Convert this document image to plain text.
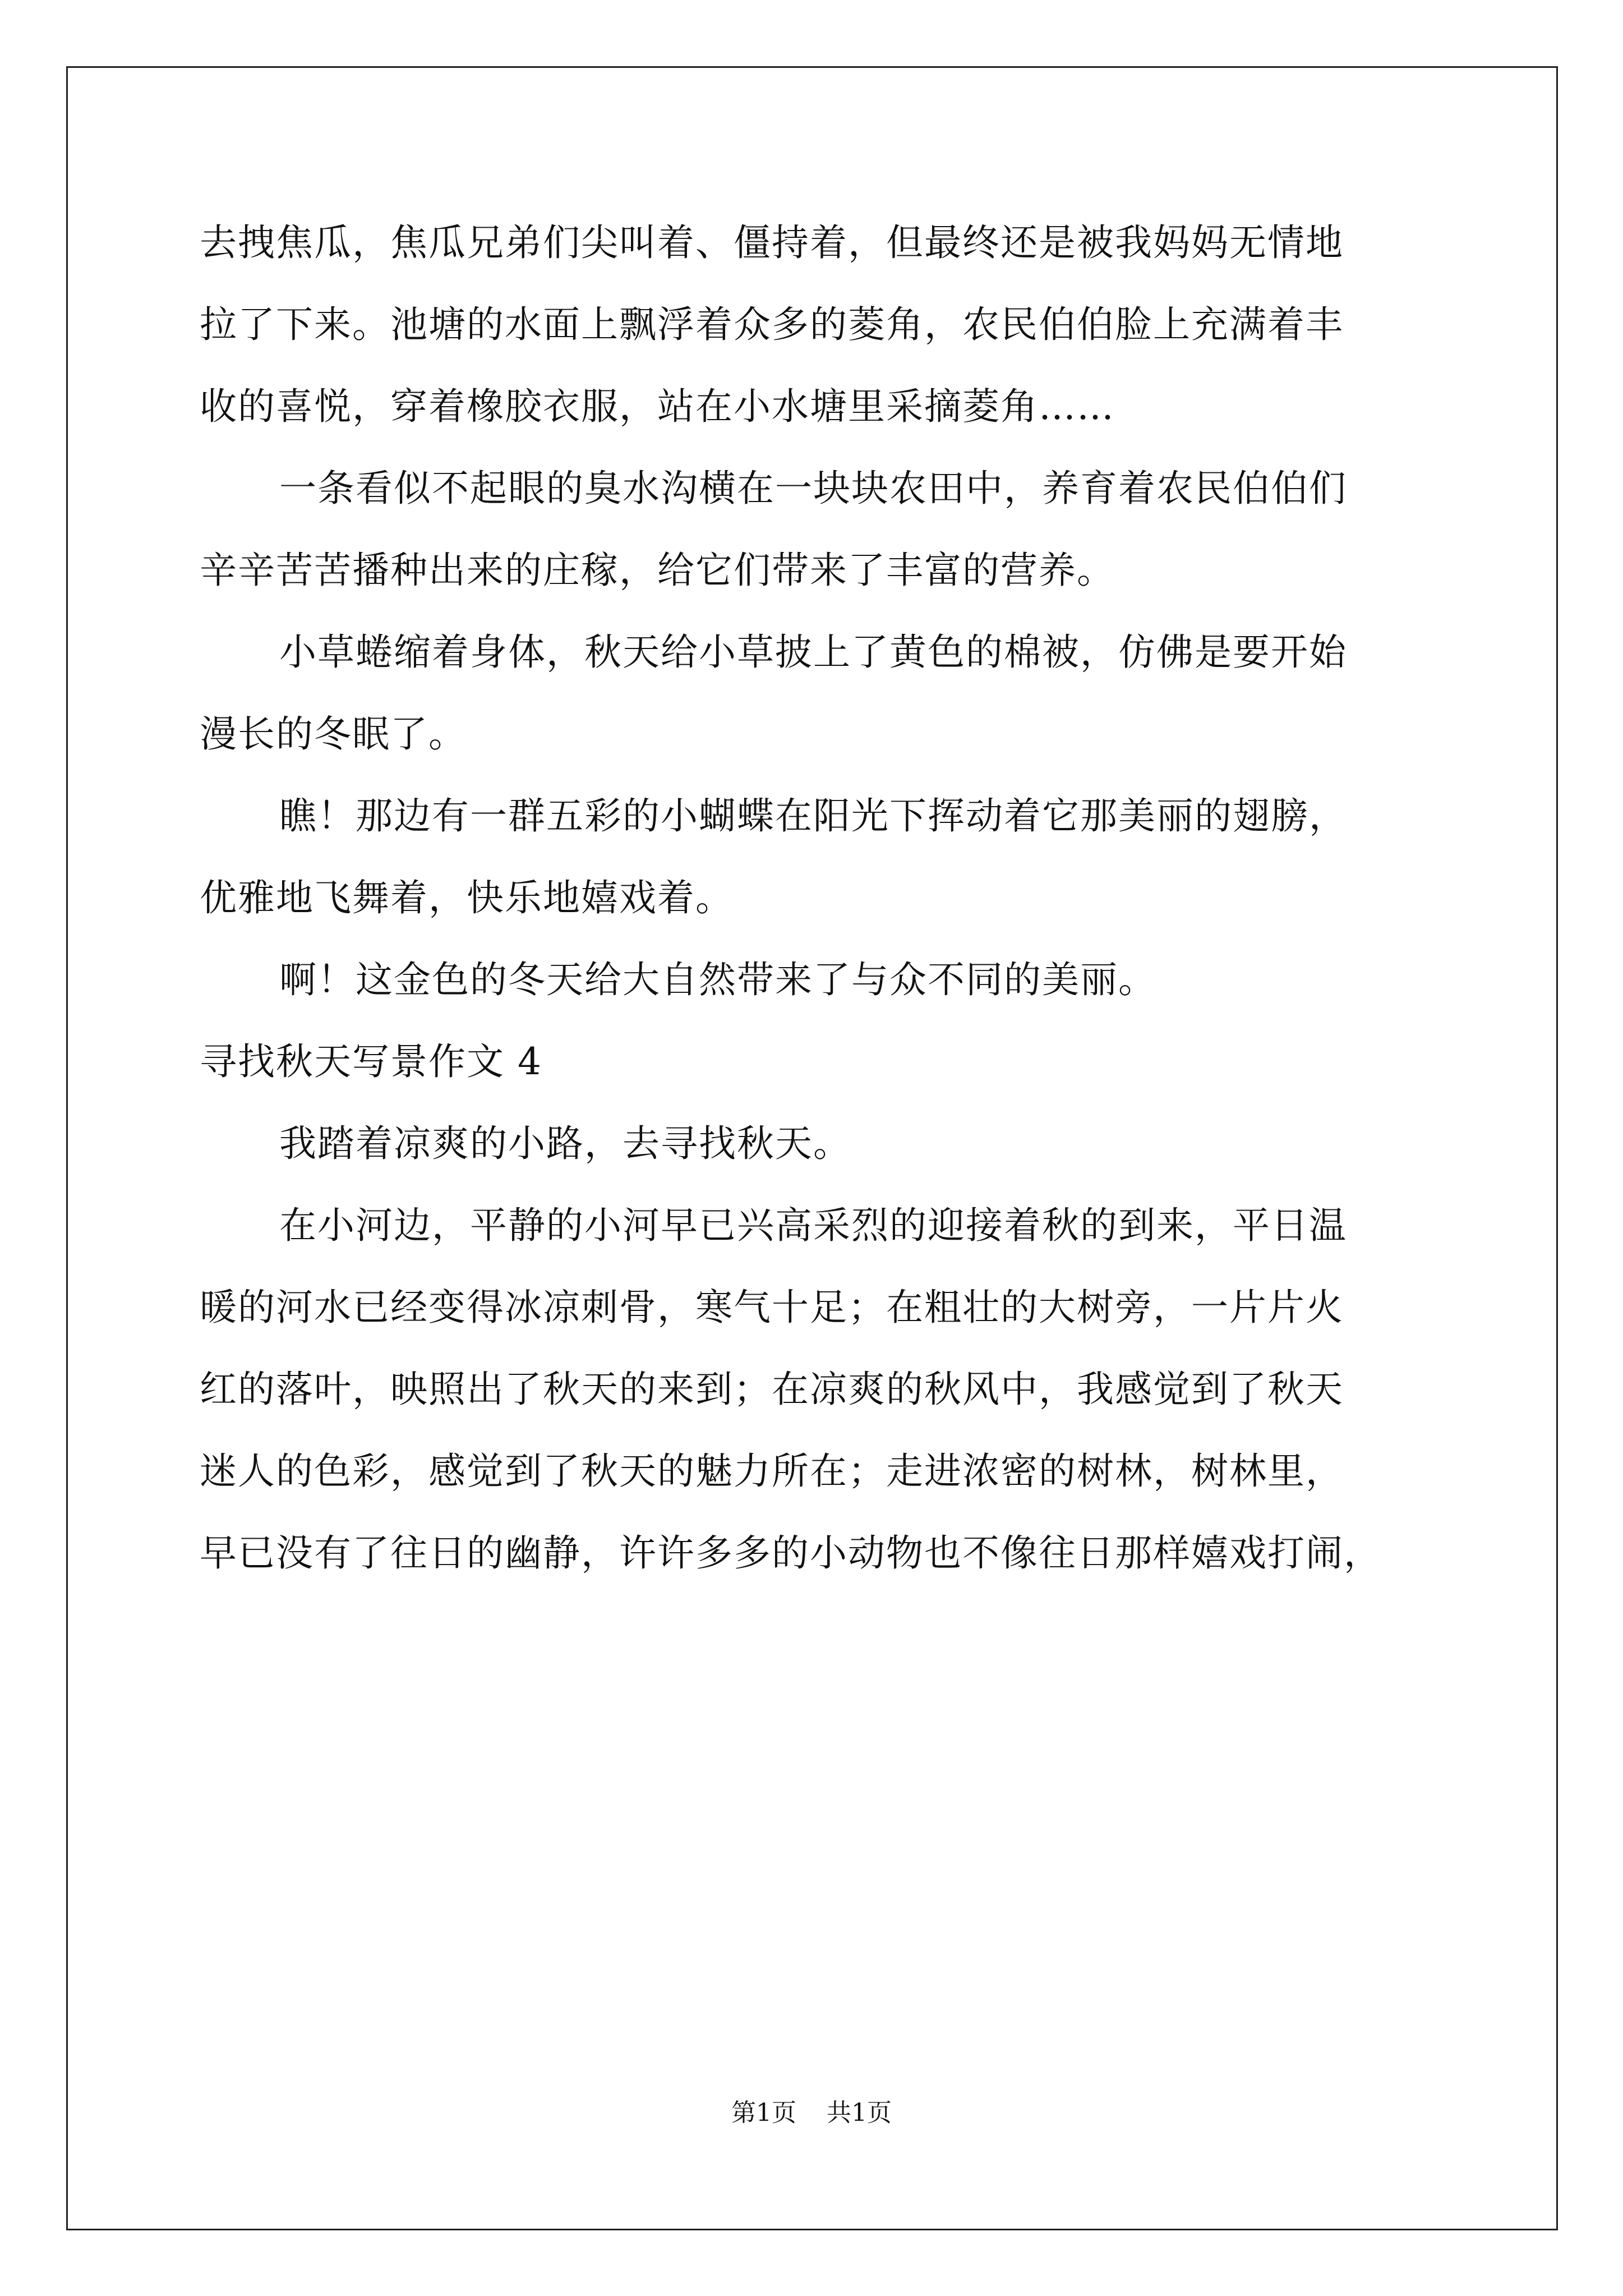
去拽焦瓜，焦瓜兄弟们尖叫着、僵持着，但最终还是被我妈妈无情地
拉了下来。池塘的水面上飘浮着众多的菱角，农民伯伯脸上充满着丰
收的喜悦，穿着橡胶衣服，站在小水塘里采摘菱角……
一条看似不起眼的臭水沟横在一块块农田中，养育着农民伯伯们
辛辛苦苦播种出来的庄稼，给它们带来了丰富的营养。
小草蜷缩着身体，秋天给小草披上了黄色的棉被，仿佛是要开始
漫长的冬眠了。
瞧！那边有一群五彩的小蝴蝶在阳光下挥动着它那美丽的翅膀，
优雅地飞舞着，快乐地嬉戏着。
啊！这金色的冬天给大自然带来了与众不同的美丽。
寻找秋天写景作文 4
我踏着凉爽的小路，去寻找秋天。
在小河边，平静的小河早已兴高采烈的迎接着秋的到来，平日温
暖的河水已经变得冰凉刺骨，寒气十足；在粗壮的大树旁，一片片火
红的落叶，映照出了秋天的来到；在凉爽的秋风中，我感觉到了秋天
迷人的色彩，感觉到了秋天的魅力所在；走进浓密的树林，树林里，
早已没有了往日的幽静，许许多多的小动物也不像往日那样嬉戏打闹，
第1页 共1页
